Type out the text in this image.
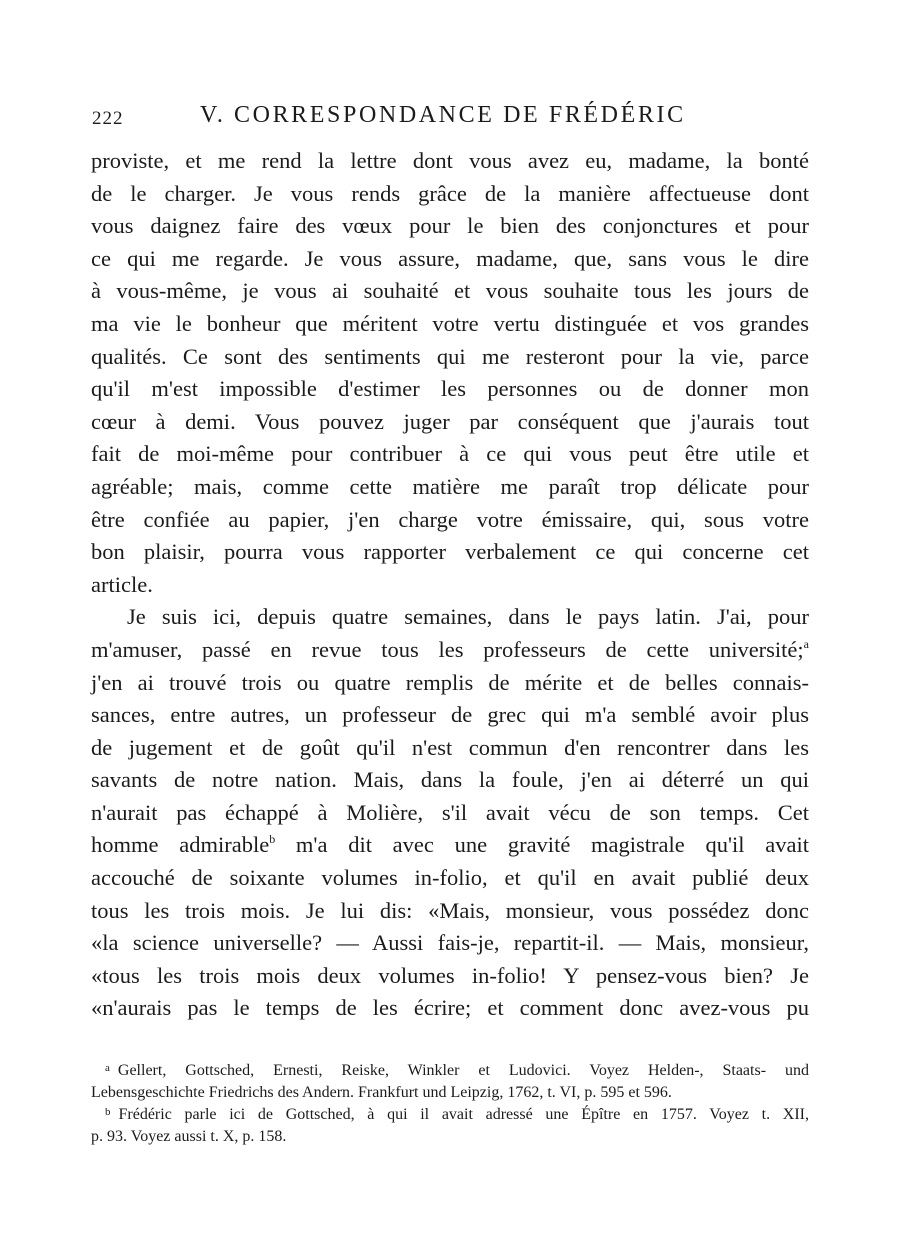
222	V. CORRESPONDANCE DE FRÉDÉRIC
proviste, et me rend la lettre dont vous avez eu, madame, la bonté
de le charger. Je vous rends grâce de la manière affectueuse dont
vous daignez faire des vœux pour le bien des conjonctures et pour
ce qui me regarde. Je vous assure, madame, que, sans vous le dire
à vous-même, je vous ai souhaité et vous souhaite tous les jours de
ma vie le bonheur que méritent votre vertu distinguée et vos grandes
qualités. Ce sont des sentiments qui me resteront pour la vie, parce
qu'il m'est impossible d'estimer les personnes ou de donner mon
cœur à demi. Vous pouvez juger par conséquent que j'aurais tout
fait de moi-même pour contribuer à ce qui vous peut être utile et
agréable; mais, comme cette matière me paraît trop délicate pour
être confiée au papier, j'en charge votre émissaire, qui, sous votre
bon plaisir, pourra vous rapporter verbalement ce qui concerne cet
article.
Je suis ici, depuis quatre semaines, dans le pays latin. J'ai, pour
m'amuser, passé en revue tous les professeurs de cette université;$^a$
j'en ai trouvé trois ou quatre remplis de mérite et de belles connais-
sances, entre autres, un professeur de grec qui m'a semblé avoir plus
de jugement et de goût qu'il n'est commun d'en rencontrer dans les
savants de notre nation. Mais, dans la foule, j'en ai déterré un qui
n'aurait pas échappé à Molière, s'il avait vécu de son temps. Cet
homme admirable$^b$ m'a dit avec une gravité magistrale qu'il avait
accouché de soixante volumes in-folio, et qu'il en avait publié deux
tous les trois mois. Je lui dis: «Mais, monsieur, vous possédez donc
«la science universelle? — Aussi fais-je, repartit-il. — Mais, monsieur,
«tous les trois mois deux volumes in-folio! Y pensez-vous bien? Je
«n'aurais pas le temps de les écrire; et comment donc avez-vous pu
$^a$ Gellert, Gottsched, Ernesti, Reiske, Winkler et Ludovici. Voyez Helden-, Staats- und
Lebensgeschichte Friedrichs des Andern. Frankfurt und Leipzig, 1762, t. VI, p. 595 et 596.
$^b$ Frédéric parle ici de Gottsched, à qui il avait adressé une Épître en 1757. Voyez t. XII,
p. 93. Voyez aussi t. X, p. 158.
